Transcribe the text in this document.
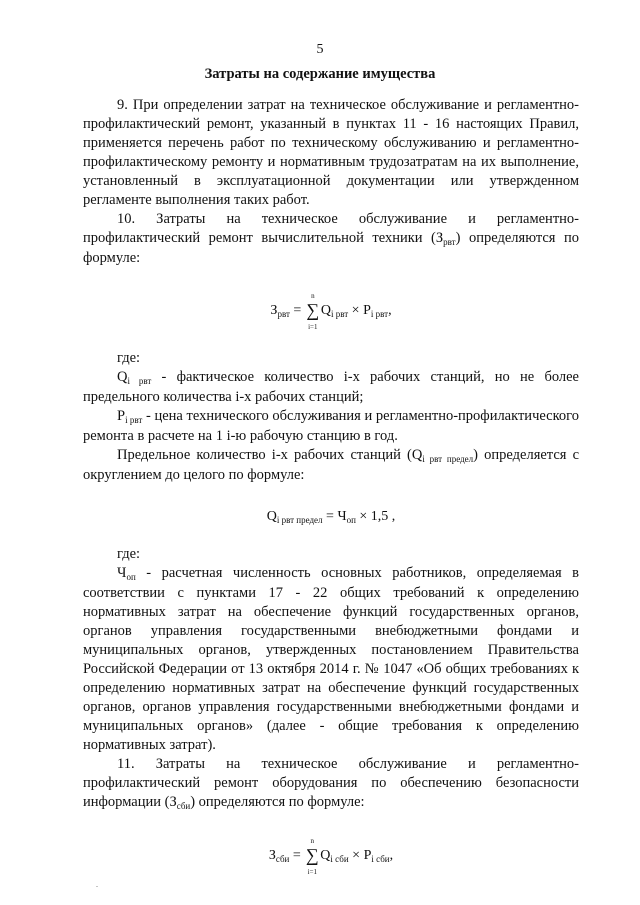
5
Затраты на содержание имущества

9. При определении затрат на техническое обслуживание и регламентно-профилактический ремонт, указанный в пунктах 11 - 16 настоящих Правил, применяется перечень работ по техническому обслуживанию и регламентно-профилактическому ремонту и нормативным трудозатратам на их выполнение, установленный в эксплуатационной документации или утвержденном регламенте выполнения таких работ.

10. Затраты на техническое обслуживание и регламентно-профилактический ремонт вычислительной техники $(З_{рвт})$ определяются по формуле:

$З_{рвт}$ =
n
∑
i=1
$Q_{i рвт} \times P_{i рвт}$,

где:

$Q_{i рвт}$ - фактическое количество i-х рабочих станций, но не более предельного количества i-х рабочих станций;

$P_{i рвт}$ - цена технического обслуживания и регламентно-профилактического ремонта в расчете на 1 i-ю рабочую станцию в год.

Предельное количество i-х рабочих станций $(Q_{i рвт предел})$ определяется с округлением до целого по формуле:

$Q_{i рвт предел} = Ч_{оп} \times 1,5$ ,

где:

$Ч_{оп}$ - расчетная численность основных работников, определяемая в соответствии с пунктами 17 - 22 общих требований к определению нормативных затрат на обеспечение функций государственных органов, органов управления государственными внебюджетными фондами и муниципальных органов, утвержденных постановлением Правительства Российской Федерации от 13 октября 2014 г. № 1047 «Об общих требованиях к определению нормативных затрат на обеспечение функций государственных органов, органов управления государственными внебюджетными фондами и муниципальных органов» (далее - общие требования к определению нормативных затрат).

11. Затраты на техническое обслуживание и регламентно-профилактический ремонт оборудования по обеспечению безопасности информации $(З_{сби})$ определяются по формуле:

$З_{сби}$ =
n
∑
i=1
$Q_{i сби} \times P_{i сби}$,
.
